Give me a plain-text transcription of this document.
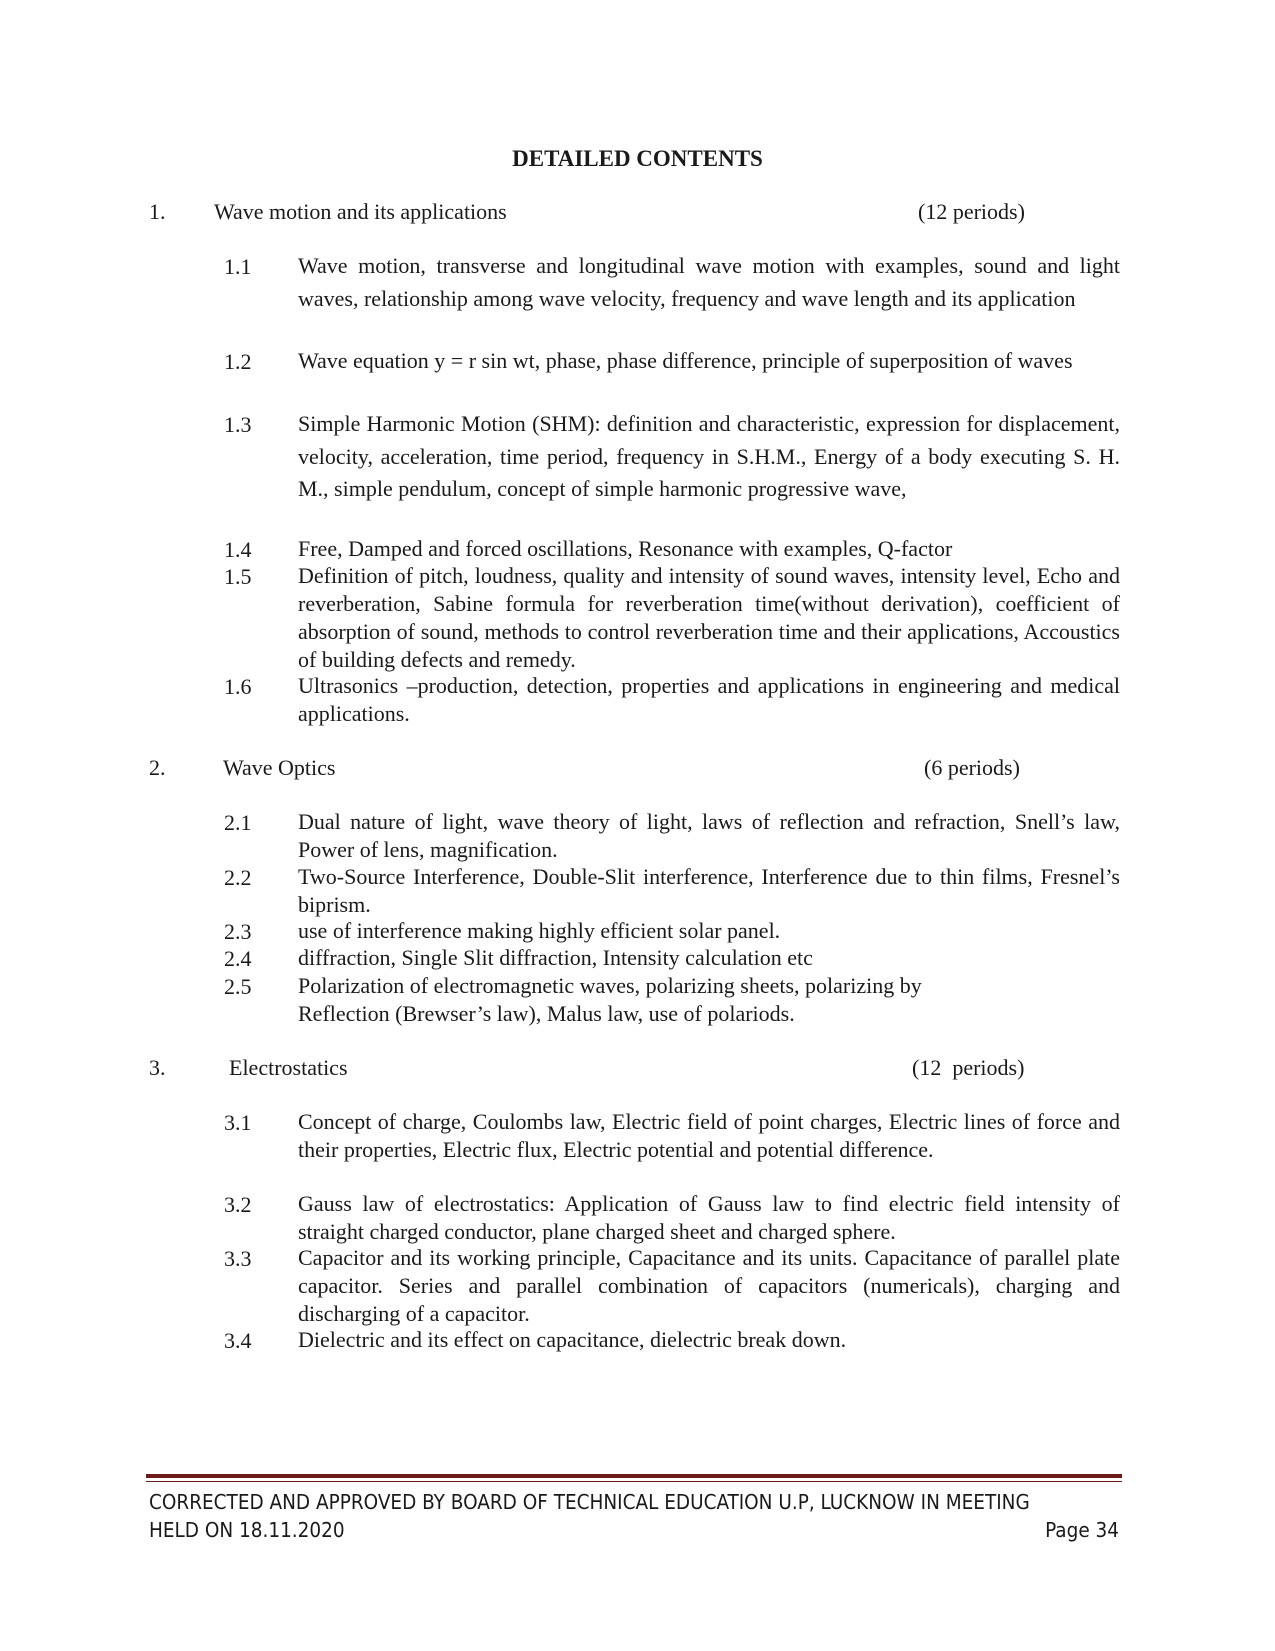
DETAILED CONTENTS
1. Wave motion and its applications	(12 periods)
1.1 Wave motion, transverse and longitudinal wave motion with examples, sound and light waves, relationship among wave velocity, frequency and wave length and its application
1.2 Wave equation y = r sin wt, phase, phase difference, principle of superposition of waves
1.3 Simple Harmonic Motion (SHM): definition and characteristic, expression for displacement, velocity, acceleration, time period, frequency in S.H.M., Energy of a body executing S. H. M., simple pendulum, concept of simple harmonic progressive wave,
1.4 Free, Damped and forced oscillations, Resonance with examples, Q-factor
1.5 Definition of pitch, loudness, quality and intensity of sound waves, intensity level, Echo and reverberation, Sabine formula for reverberation time(without derivation), coefficient of absorption of sound, methods to control reverberation time and their applications, Accoustics of building defects and remedy.
1.6 Ultrasonics –production, detection, properties and applications in engineering and medical applications.
2.	Wave Optics	(6 periods)
2.1 Dual nature of light, wave theory of light, laws of reflection and refraction, Snell’s law, Power of lens, magnification.
2.2 Two-Source Interference, Double-Slit interference, Interference due to thin films, Fresnel’s biprism.
2.3 use of interference making highly efficient solar panel.
2.4 diffraction, Single Slit diffraction, Intensity calculation etc
2.5 Polarization of electromagnetic waves, polarizing sheets, polarizing by Reflection (Brewser’s law), Malus law, use of polariods.
3.	Electrostatics	(12  periods)
3.1 Concept of charge, Coulombs law, Electric field of point charges, Electric lines of force and their properties, Electric flux, Electric potential and potential difference.
3.2 Gauss law of electrostatics: Application of Gauss law to find electric field intensity of straight charged conductor, plane charged sheet and charged sphere.
3.3 Capacitor and its working principle, Capacitance and its units. Capacitance of parallel plate capacitor. Series and parallel combination of capacitors (numericals), charging and discharging of a capacitor.
3.4 Dielectric and its effect on capacitance, dielectric break down.
CORRECTED AND APPROVED BY BOARD OF TECHNICAL EDUCATION U.P, LUCKNOW IN MEETING
HELD ON 18.11.2020	Page 34
